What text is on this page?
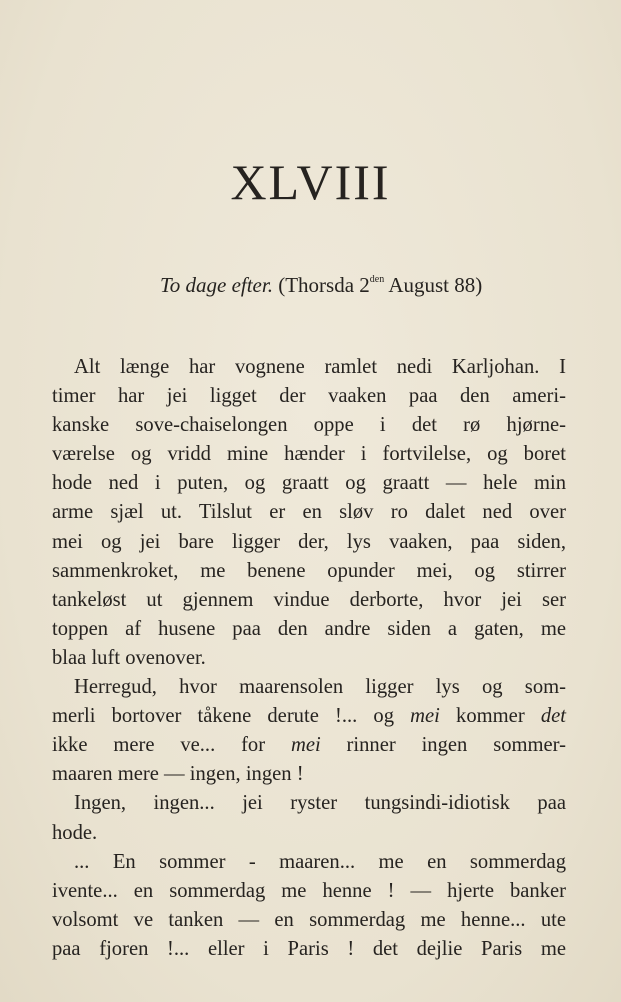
XLVIII
To dage efter. (Thorsda $2^{den}$ August 88)
Alt længe har vognene ramlet nedi Karljohan. I
timer har jei ligget der vaaken paa den ameri-
kanske sove-chaiselongen oppe i det rø hjørne-
værelse og vridd mine hænder i fortvilelse, og boret
hode ned i puten, og graatt og graatt — hele min
arme sjæl ut. Tilslut er en sløv ro dalet ned over
mei og jei bare ligger der, lys vaaken, paa siden,
sammenkroket, me benene opunder mei, og stirrer
tankeløst ut gjennem vindue derborte, hvor jei ser
toppen af husene paa den andre siden a gaten, me
blaa luft ovenover.
Herregud, hvor maarensolen ligger lys og som-
merli bortover tåkene derute !... og mei kommer det
ikke mere ve... for mei rinner ingen sommer-
maaren mere — ingen, ingen !
Ingen, ingen... jei ryster tungsindi-idiotisk paa
hode.
... En sommer - maaren... me en sommerdag
ivente... en sommerdag me henne ! — hjerte banker
volsomt ve tanken — en sommerdag me henne... ute
paa fjoren !... eller i Paris ! det dejlie Paris me
